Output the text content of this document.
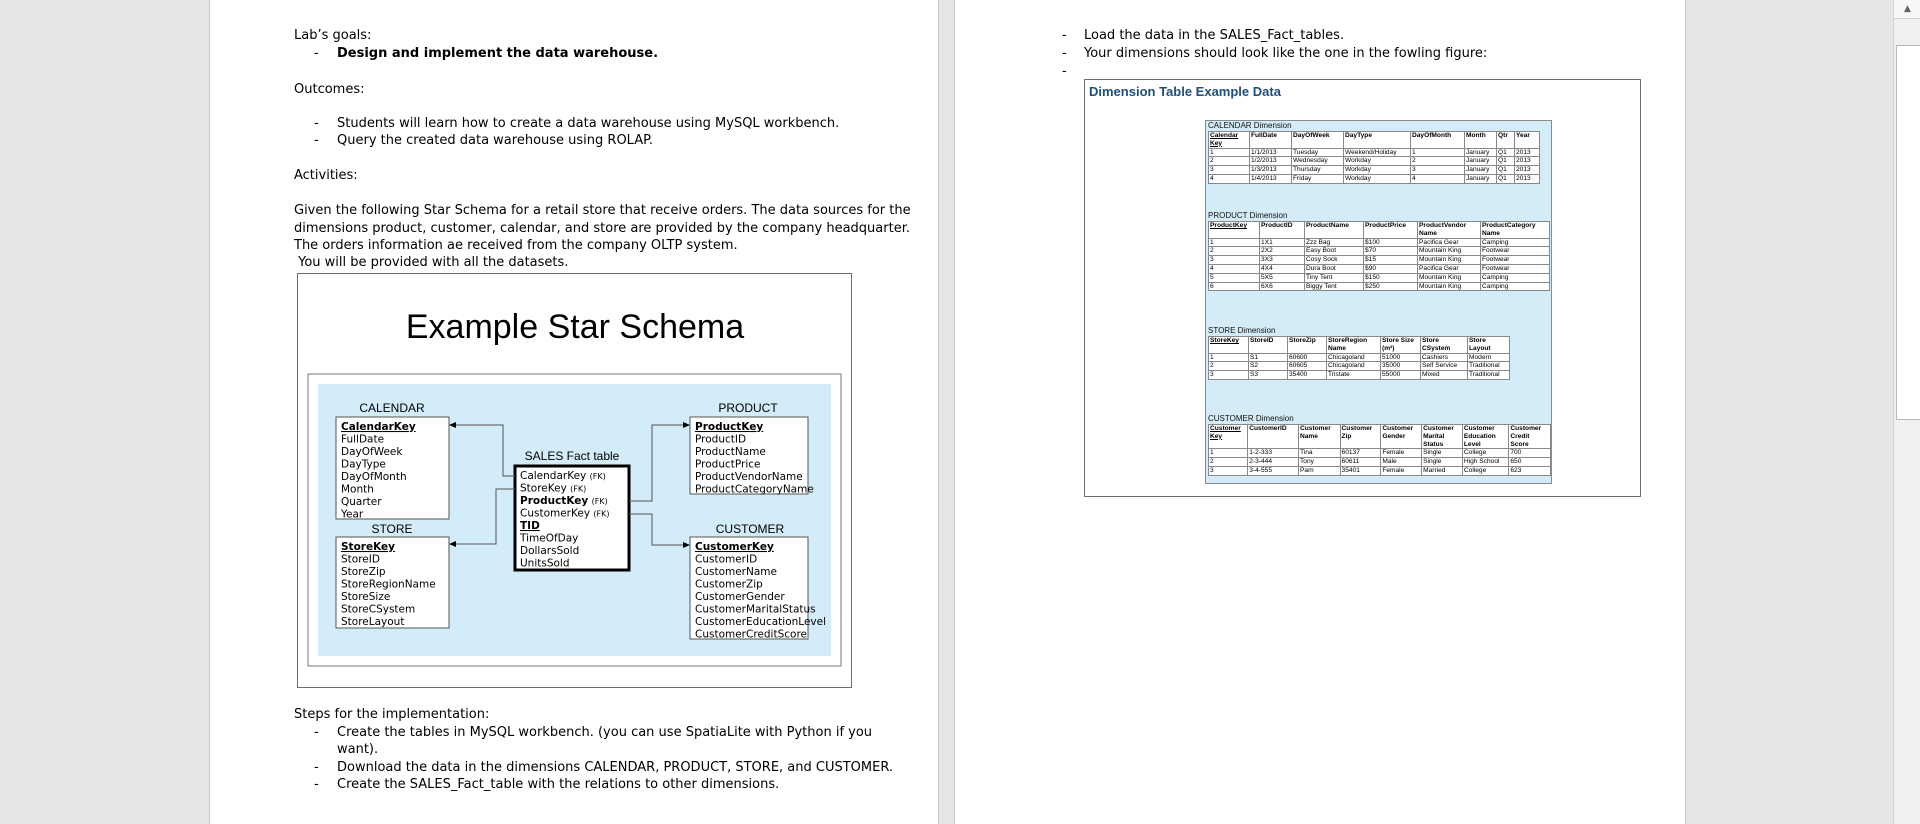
Lab’s goals:
- Design and implement the data warehouse.
Outcomes:
- Students will learn how to create a data warehouse using MySQL workbench.
- Query the created data warehouse using ROLAP.
Activities:
Given the following Star Schema for a retail store that receive orders. The data sources for the
dimensions product, customer, calendar, and store are provided by the company headquarter.
The orders information ae received from the company OLTP system.
You will be provided with all the datasets.
Example Star Schema
CALENDAR
CalendarKey
FullDate
DayOfWeek
DayType
DayOfMonth
Month
Quarter
Year
STORE
StoreKey
StoreID
StoreZip
StoreRegionName
StoreSize
StoreCSystem
StoreLayout
PRODUCT
ProductKey
ProductID
ProductName
ProductPrice
ProductVendorName
ProductCategoryName
CUSTOMER
CustomerKey
CustomerID
CustomerName
CustomerZip
CustomerGender
CustomerMaritalStatus
CustomerEducationLevel
CustomerCreditScore
SALES Fact table
CalendarKey (FK)
StoreKey (FK)
ProductKey (FK)
CustomerKey (FK)
TID
TimeOfDay
DollarsSold
UnitsSold
Steps for the implementation:
- Create the tables in MySQL workbench. (you can use SpatiaLite with Python if you
want).
- Download the data in the dimensions CALENDAR, PRODUCT, STORE, and CUSTOMER.
- Create the SALES_Fact_table with the relations to other dimensions.
- Load the data in the SALES_Fact_tables.
- Your dimensions should look like the one in the fowling figure:
-
Dimension Table Example Data
CALENDAR Dimension
Calendar Key	FullDate	DayOfWeek	DayType	DayOfMonth	Month	Qtr	Year
1	1/1/2013	Tuesday	Weekend/Holiday	1	January	Q1	2013
2	1/2/2013	Wednesday	Workday	2	January	Q1	2013
3	1/3/2013	Thursday	Workday	3	January	Q1	2013
4	1/4/2013	Friday	Workday	4	January	Q1	2013
PRODUCT Dimension
ProductKey	ProductID	ProductName	ProductPrice	ProductVendor Name	ProductCategory Name
1	1X1	Zzz Bag	$100	Pacifica Gear	Camping
2	2X2	Easy Boot	$70	Mountain King	Footwear
3	3X3	Cosy Sock	$15	Mountain King	Footwear
4	4X4	Dura Boot	$90	Pacifica Gear	Footwear
5	5X5	Tiny Tent	$150	Mountain King	Camping
6	6X6	Biggy Tent	$250	Mountain King	Camping
STORE Dimension
StoreKey	StoreID	StoreZip	StoreRegion Name	Store Size (m²)	Store CSystem	Store Layout
1	S1	60600	Chicagoland	51000	Cashiers	Modern
2	S2	60605	Chicagoland	35000	Self Service	Traditional
3	S3	35400	Tristate	55000	Mixed	Traditional
CUSTOMER Dimension
Customer Key	CustomerID	Customer Name	Customer Zip	Customer Gender	Customer Marital Status	Customer Education Level	Customer Credit Score
1	1-2-333	Tina	60137	Female	Single	College	700
2	2-3-444	Tony	60611	Male	Single	High School	650
3	3-4-555	Pam	35401	Female	Married	College	623
▲
